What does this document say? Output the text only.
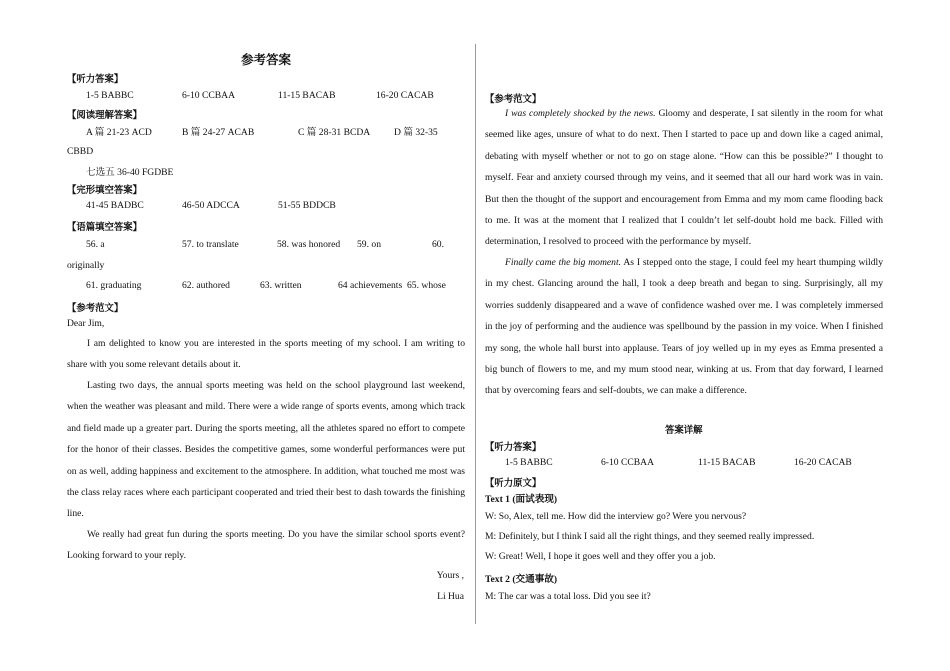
参考答案
【听力答案】
1-5 BABBC	6-10 CCBAA	11-15 BACAB	16-20 CACAB
【阅读理解答案】
A 篇 21-23 ACD	B 篇 24-27 ACAB	C 篇 28-31 BCDA D 篇 32-35
CBBD
七选五 36-40 FGDBE
【完形填空答案】
41-45 BADBC	46-50 ADCCA	51-55 BDDCB
【语篇填空答案】
56. a	57. to translate	58. was honored 59. on	60.
originally
61. graduating	62. authored	63. written	64 achievements 65. whose
【参考范文】
Dear Jim,
I am delighted to know you are interested in the sports meeting of my school. I am writing to share with you some relevant details about it.
Lasting two days, the annual sports meeting was held on the school playground last weekend, when the weather was pleasant and mild. There were a wide range of sports events, among which track and field made up a greater part. During the sports meeting, all the athletes spared no effort to compete for the honor of their classes. Besides the competitive games, some wonderful performances were put on as well, adding happiness and excitement to the atmosphere. In addition, what touched me most was the class relay races where each participant cooperated and tried their best to dash towards the finishing line.
We really had great fun during the sports meeting. Do you have the similar school sports event? Looking forward to your reply.
Yours ,
Li Hua
【参考范文】
I was completely shocked by the news. Gloomy and desperate, I sat silently in the room for what seemed like ages, unsure of what to do next. Then I started to pace up and down like a caged animal, debating with myself whether or not to go on stage alone. “How can this be possible?” I thought to myself. Fear and anxiety coursed through my veins, and it seemed that all our hard work was in vain. But then the thought of the support and encouragement from Emma and my mom came flooding back to me. It was at the moment that I realized that I couldn’t let self-doubt hold me back. Filled with determination, I resolved to proceed with the performance by myself.
Finally came the big moment. As I stepped onto the stage, I could feel my heart thumping wildly in my chest. Glancing around the hall, I took a deep breath and began to sing. Surprisingly, all my worries suddenly disappeared and a wave of confidence washed over me. I was completely immersed in the joy of performing and the audience was spellbound by the passion in my voice. When I finished my song, the whole hall burst into applause. Tears of joy welled up in my eyes as Emma presented a big bunch of flowers to me, and my mum stood near, winking at us. From that day forward, I learned that by overcoming fears and self-doubts, we can make a difference.
答案详解
【听力答案】
1-5 BABBC	6-10 CCBAA	11-15 BACAB	16-20 CACAB
【听力原文】
Text 1 (面试表现)
W: So, Alex, tell me. How did the interview go? Were you nervous?
M: Definitely, but I think I said all the right things, and they seemed really impressed.
W: Great! Well, I hope it goes well and they offer you a job.
Text 2 (交通事故)
M: The car was a total loss. Did you see it?
